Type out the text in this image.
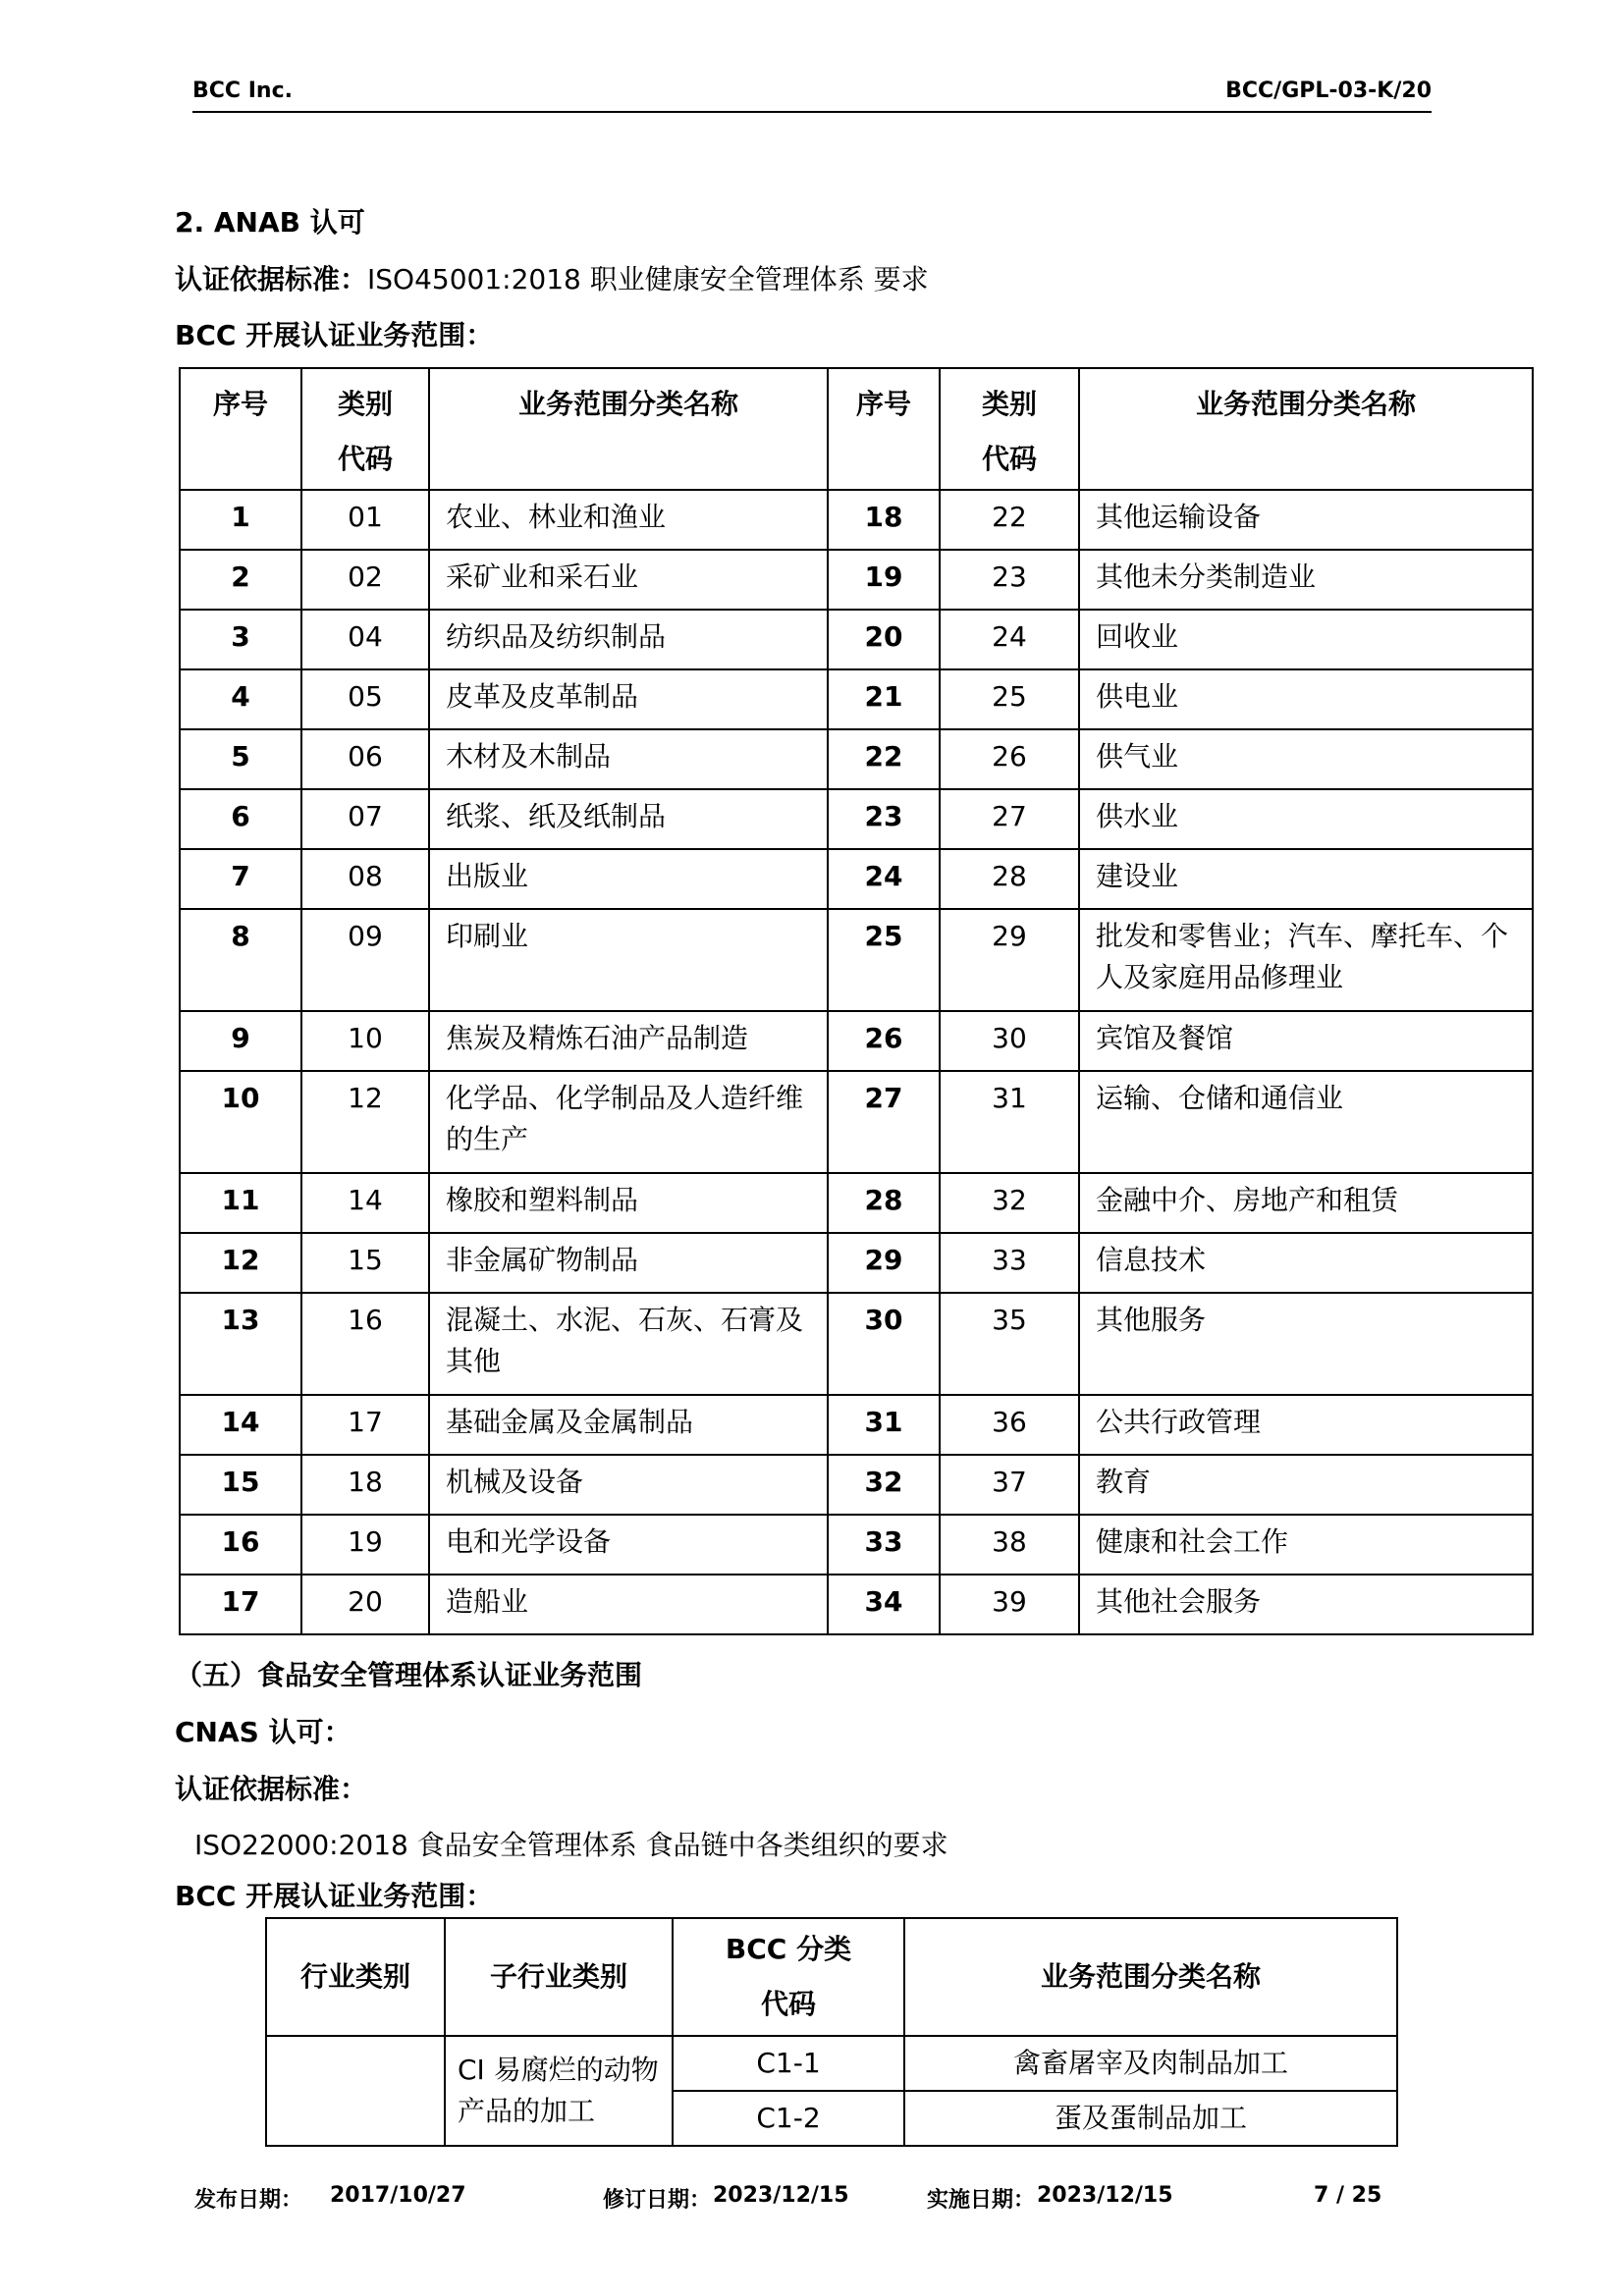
BCC Inc.	BCC/GPL-03-K/20
2. ANAB 认可
认证依据标准：ISO45001:2018 职业健康安全管理体系 要求
BCC 开展认证业务范围：
序号	类别代码	业务范围分类名称	序号	类别代码	业务范围分类名称
1	01	农业、林业和渔业	18	22	其他运输设备
2	02	采矿业和采石业	19	23	其他未分类制造业
3	04	纺织品及纺织制品	20	24	回收业
4	05	皮革及皮革制品	21	25	供电业
5	06	木材及木制品	22	26	供气业
6	07	纸浆、纸及纸制品	23	27	供水业
7	08	出版业	24	28	建设业
8	09	印刷业	25	29	批发和零售业；汽车、摩托车、个人及家庭用品修理业
9	10	焦炭及精炼石油产品制造	26	30	宾馆及餐馆
10	12	化学品、化学制品及人造纤维的生产	27	31	运输、仓储和通信业
11	14	橡胶和塑料制品	28	32	金融中介、房地产和租赁
12	15	非金属矿物制品	29	33	信息技术
13	16	混凝土、水泥、石灰、石膏及其他	30	35	其他服务
14	17	基础金属及金属制品	31	36	公共行政管理
15	18	机械及设备	32	37	教育
16	19	电和光学设备	33	38	健康和社会工作
17	20	造船业	34	39	其他社会服务
（五）食品安全管理体系认证业务范围
CNAS 认可：
认证依据标准：
ISO22000:2018 食品安全管理体系 食品链中各类组织的要求
BCC 开展认证业务范围：
行业类别	子行业类别	BCC 分类代码	业务范围分类名称
	CI 易腐烂的动物产品的加工	C1-1	禽畜屠宰及肉制品加工
		C1-2	蛋及蛋制品加工
发布日期： 2017/10/27	修订日期： 2023/12/15	实施日期： 2023/12/15	7 / 25
